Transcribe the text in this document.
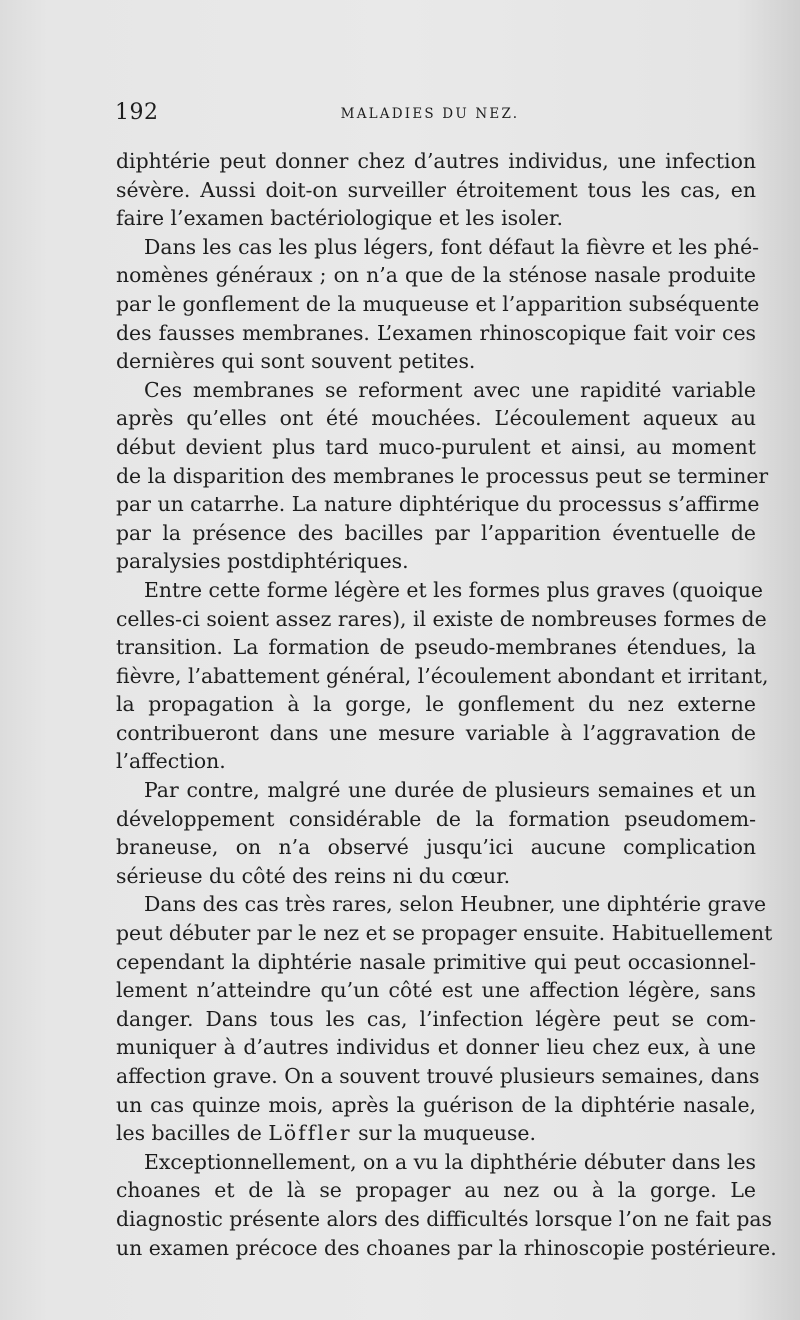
192	MALADIES DU NEZ.
diphtérie peut donner chez d’autres individus, une infection
sévère. Aussi doit-on surveiller étroitement tous les cas, en
faire l’examen bactériologique et les isoler.
Dans les cas les plus légers, font défaut la fièvre et les phé-
nomènes généraux ; on n’a que de la sténose nasale produite
par le gonflement de la muqueuse et l’apparition subséquente
des fausses membranes. L’examen rhinoscopique fait voir ces
dernières qui sont souvent petites.
Ces membranes se reforment avec une rapidité variable
après qu’elles ont été mouchées. L’écoulement aqueux au
début devient plus tard muco-purulent et ainsi, au moment
de la disparition des membranes le processus peut se terminer
par un catarrhe. La nature diphtérique du processus s’affirme
par la présence des bacilles par l’apparition éventuelle de
paralysies postdiphtériques.
Entre cette forme légère et les formes plus graves (quoique
celles-ci soient assez rares), il existe de nombreuses formes de
transition. La formation de pseudo-membranes étendues, la
fièvre, l’abattement général, l’écoulement abondant et irritant,
la propagation à la gorge, le gonflement du nez externe
contribueront dans une mesure variable à l’aggravation de
l’affection.
Par contre, malgré une durée de plusieurs semaines et un
développement considérable de la formation pseudomem-
braneuse, on n’a observé jusqu’ici aucune complication
sérieuse du côté des reins ni du cœur.
Dans des cas très rares, selon Heubner, une diphtérie grave
peut débuter par le nez et se propager ensuite. Habituellement
cependant la diphtérie nasale primitive qui peut occasionnel-
lement n’atteindre qu’un côté est une affection légère, sans
danger. Dans tous les cas, l’infection légère peut se com-
muniquer à d’autres individus et donner lieu chez eux, à une
affection grave. On a souvent trouvé plusieurs semaines, dans
un cas quinze mois, après la guérison de la diphtérie nasale,
les bacilles de Löffler sur la muqueuse.
Exceptionnellement, on a vu la diphthérie débuter dans les
choanes et de là se propager au nez ou à la gorge. Le
diagnostic présente alors des difficultés lorsque l’on ne fait pas
un examen précoce des choanes par la rhinoscopie postérieure.
